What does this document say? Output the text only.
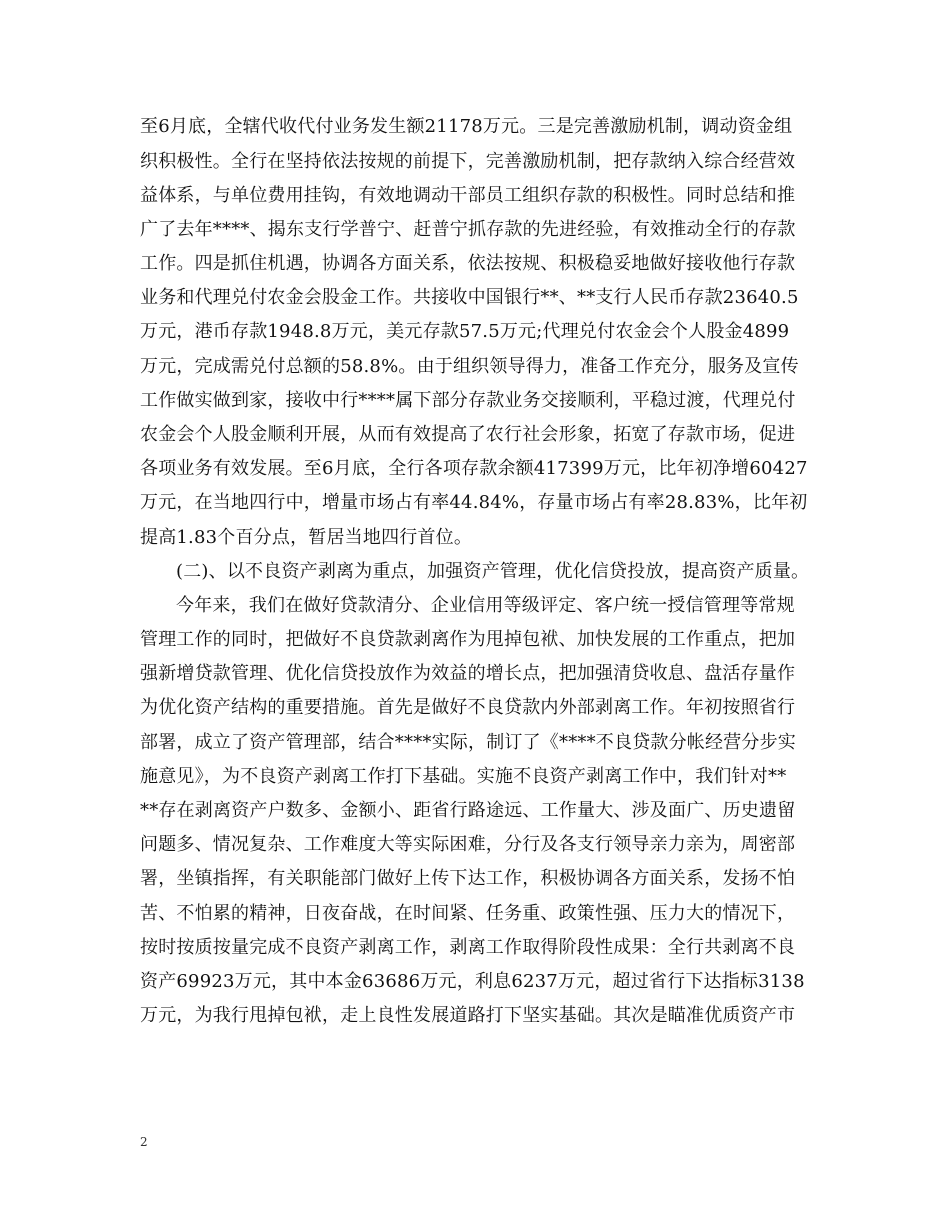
至6月底，全辖代收代付业务发生额21178万元。三是完善激励机制，调动资金组
织积极性。全行在坚持依法按规的前提下，完善激励机制，把存款纳入综合经营效
益体系，与单位费用挂钩，有效地调动干部员工组织存款的积极性。同时总结和推
广了去年****、揭东支行学普宁、赶普宁抓存款的先进经验，有效推动全行的存款
工作。四是抓住机遇，协调各方面关系，依法按规、积极稳妥地做好接收他行存款
业务和代理兑付农金会股金工作。共接收中国银行**、**支行人民币存款23640.5
万元，港币存款1948.8万元，美元存款57.5万元;代理兑付农金会个人股金4899
万元，完成需兑付总额的58.8%。由于组织领导得力，准备工作充分，服务及宣传
工作做实做到家，接收中行****属下部分存款业务交接顺利，平稳过渡，代理兑付
农金会个人股金顺利开展，从而有效提高了农行社会形象，拓宽了存款市场，促进
各项业务有效发展。至6月底，全行各项存款余额417399万元，比年初净增60427
万元，在当地四行中，增量市场占有率44.84%，存量市场占有率28.83%，比年初
提高1.83个百分点，暂居当地四行首位。
(二)、以不良资产剥离为重点，加强资产管理，优化信贷投放，提高资产质量。
今年来，我们在做好贷款清分、企业信用等级评定、客户统一授信管理等常规
管理工作的同时，把做好不良贷款剥离作为甩掉包袱、加快发展的工作重点，把加
强新增贷款管理、优化信贷投放作为效益的增长点，把加强清贷收息、盘活存量作
为优化资产结构的重要措施。首先是做好不良贷款内外部剥离工作。年初按照省行
部署，成立了资产管理部，结合****实际，制订了《****不良贷款分帐经营分步实
施意见》，为不良资产剥离工作打下基础。实施不良资产剥离工作中，我们针对**
**存在剥离资产户数多、金额小、距省行路途远、工作量大、涉及面广、历史遗留
问题多、情况复杂、工作难度大等实际困难，分行及各支行领导亲力亲为，周密部
署，坐镇指挥，有关职能部门做好上传下达工作，积极协调各方面关系，发扬不怕
苦、不怕累的精神，日夜奋战，在时间紧、任务重、政策性强、压力大的情况下，
按时按质按量完成不良资产剥离工作，剥离工作取得阶段性成果：全行共剥离不良
资产69923万元，其中本金63686万元，利息6237万元，超过省行下达指标3138
万元，为我行甩掉包袱，走上良性发展道路打下坚实基础。其次是瞄准优质资产市
2
